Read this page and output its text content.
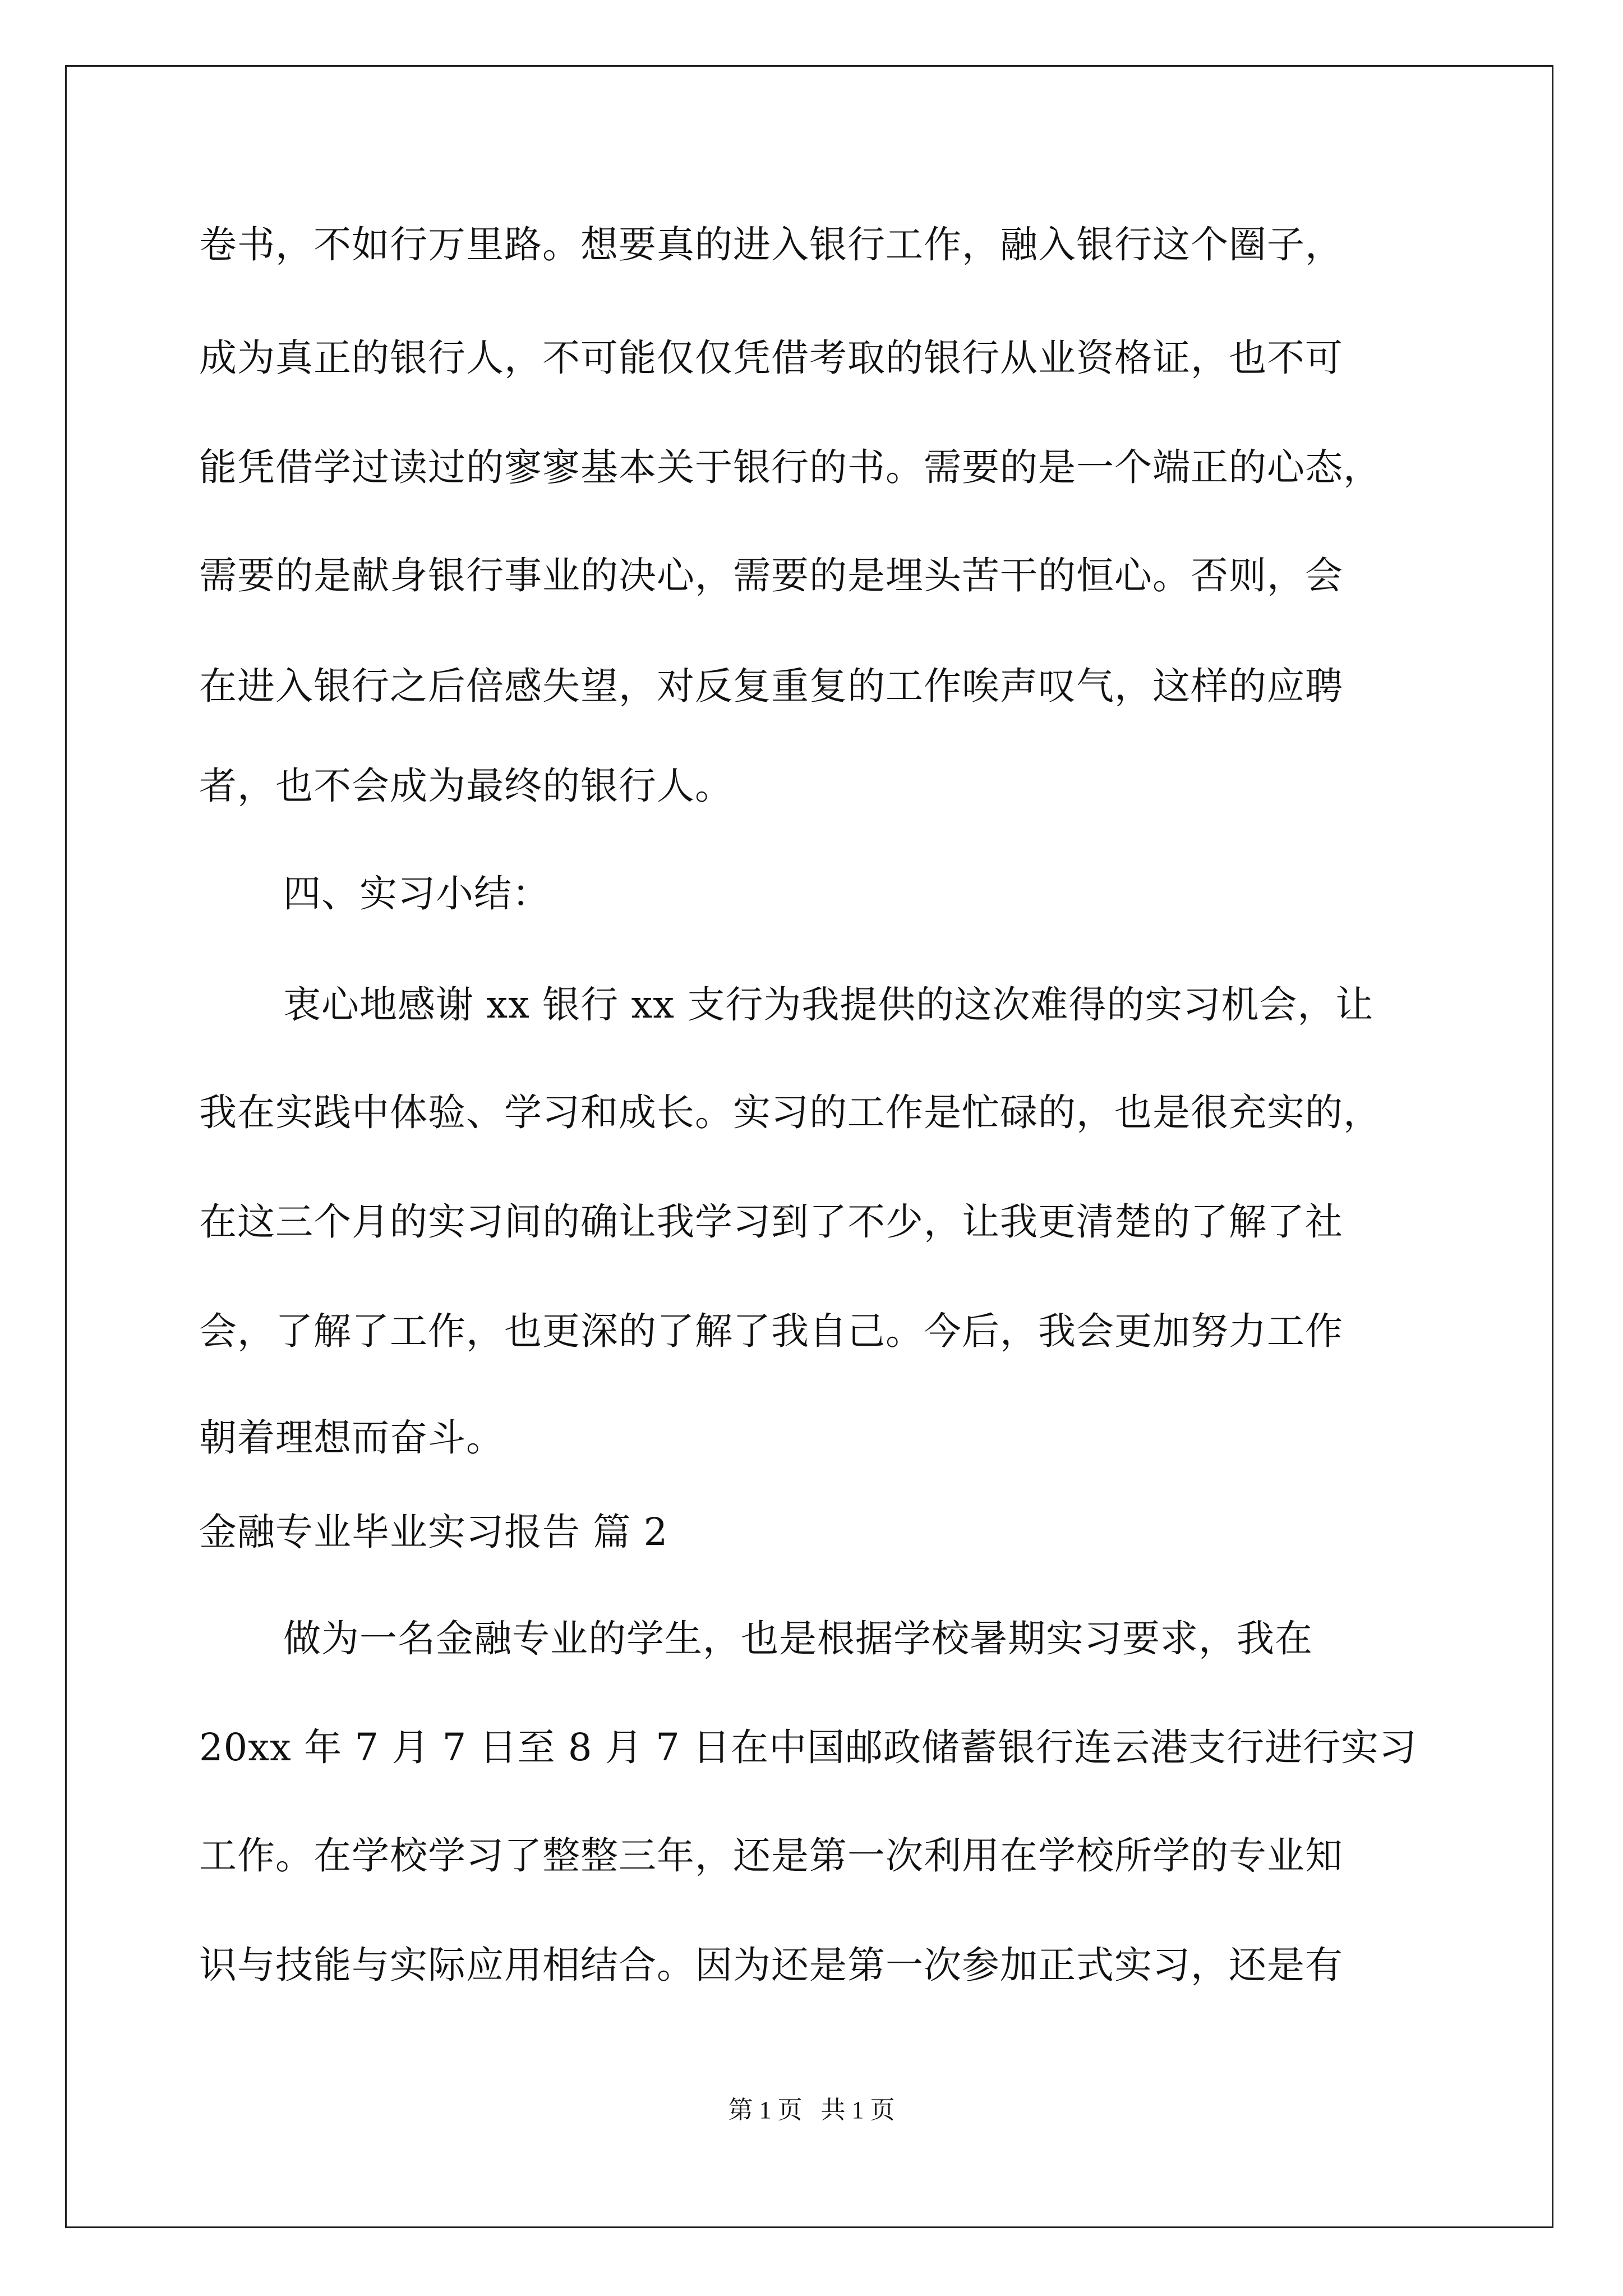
卷书，不如行万里路。想要真的进入银行工作，融入银行这个圈子，
成为真正的银行人，不可能仅仅凭借考取的银行从业资格证，也不可
能凭借学过读过的寥寥基本关于银行的书。需要的是一个端正的心态，
需要的是献身银行事业的决心，需要的是埋头苦干的恒心。否则，会
在进入银行之后倍感失望，对反复重复的工作唉声叹气，这样的应聘
者，也不会成为最终的银行人。
四、实习小结：
衷心地感谢 xx 银行 xx 支行为我提供的这次难得的实习机会，让
我在实践中体验、学习和成长。实习的工作是忙碌的，也是很充实的，
在这三个月的实习间的确让我学习到了不少，让我更清楚的了解了社
会，了解了工作，也更深的了解了我自己。今后，我会更加努力工作
朝着理想而奋斗。
金融专业毕业实习报告 篇 2
做为一名金融专业的学生，也是根据学校暑期实习要求，我在
20xx 年 7 月 7 日至 8 月 7 日在中国邮政储蓄银行连云港支行进行实习
工作。在学校学习了整整三年，还是第一次利用在学校所学的专业知
识与技能与实际应用相结合。因为还是第一次参加正式实习，还是有
第 1 页   共 1 页
